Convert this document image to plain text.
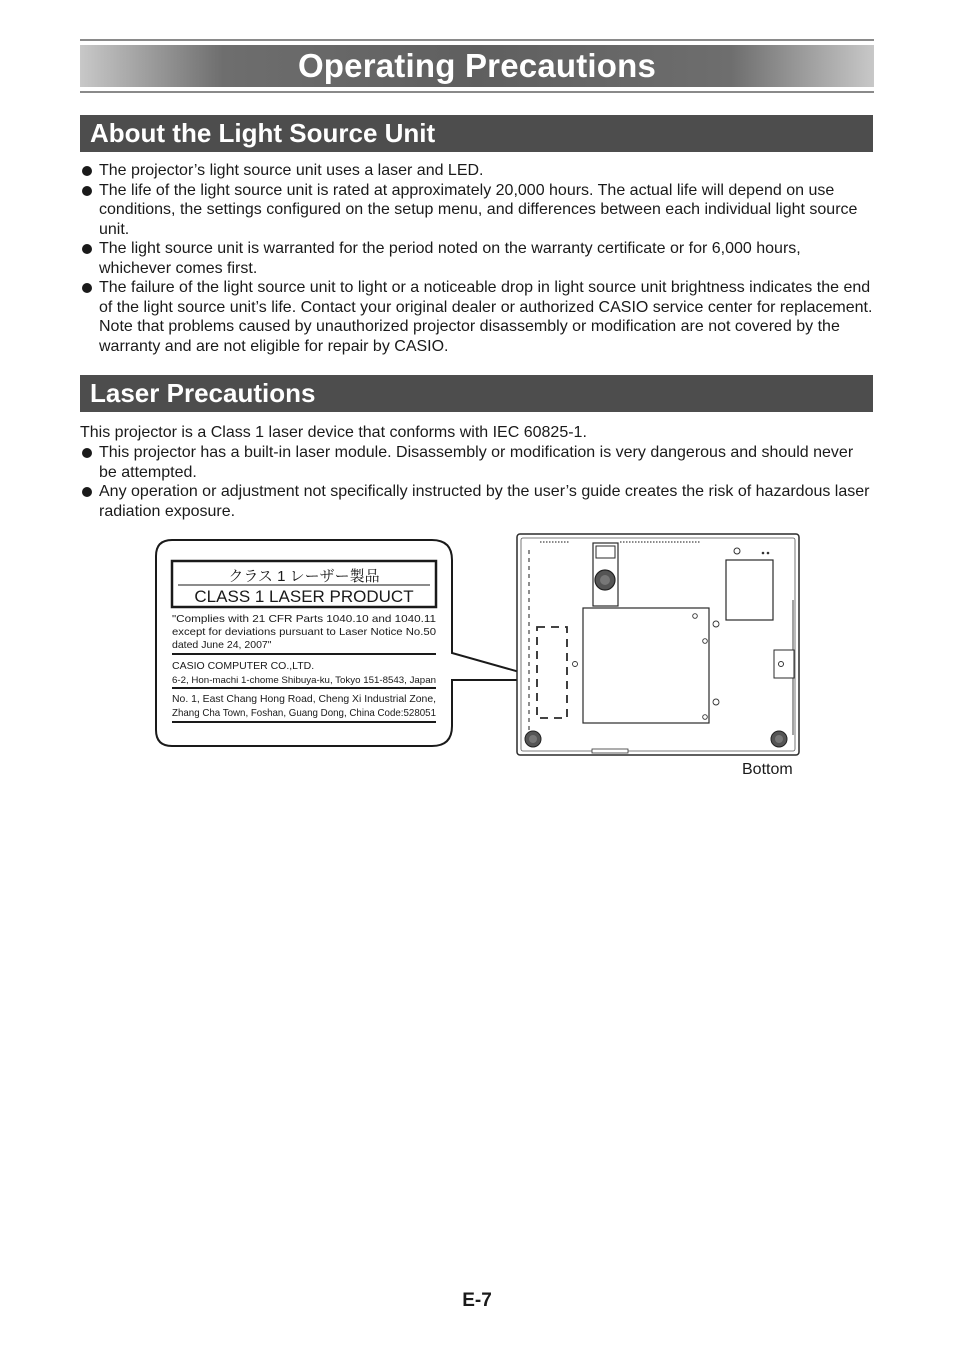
Operating Precautions
About the Light Source Unit
The projector’s light source unit uses a laser and LED.
The life of the light source unit is rated at approximately 20,000 hours. The actual life will depend on use conditions, the settings configured on the setup menu, and differences between each individual light source unit.
The light source unit is warranted for the period noted on the warranty certificate or for 6,000 hours, whichever comes first.
The failure of the light source unit to light or a noticeable drop in light source unit brightness indicates the end of the light source unit’s life. Contact your original dealer or authorized CASIO service center for replacement. Note that problems caused by unauthorized projector disassembly or modification are not covered by the warranty and are not eligible for repair by CASIO.
Laser Precautions
This projector is a Class 1 laser device that conforms with IEC 60825-1.
This projector has a built-in laser module. Disassembly or modification is very dangerous and should never be attempted.
Any operation or adjustment not specifically instructed by the user’s guide creates the risk of hazardous laser radiation exposure.
クラス 1 レーザー製品
CLASS 1 LASER PRODUCT
"Complies with 21 CFR Parts 1040.10 and 1040.11
except for deviations pursuant to Laser Notice No.50
dated June 24, 2007"
CASIO COMPUTER CO.,LTD.
6-2, Hon-machi 1-chome Shibuya-ku, Tokyo 151-8543, Japan
No. 1, East Chang Hong Road, Cheng Xi Industrial Zone,
Zhang Cha Town, Foshan, Guang Dong, China Code:528051
Bottom
E-7
